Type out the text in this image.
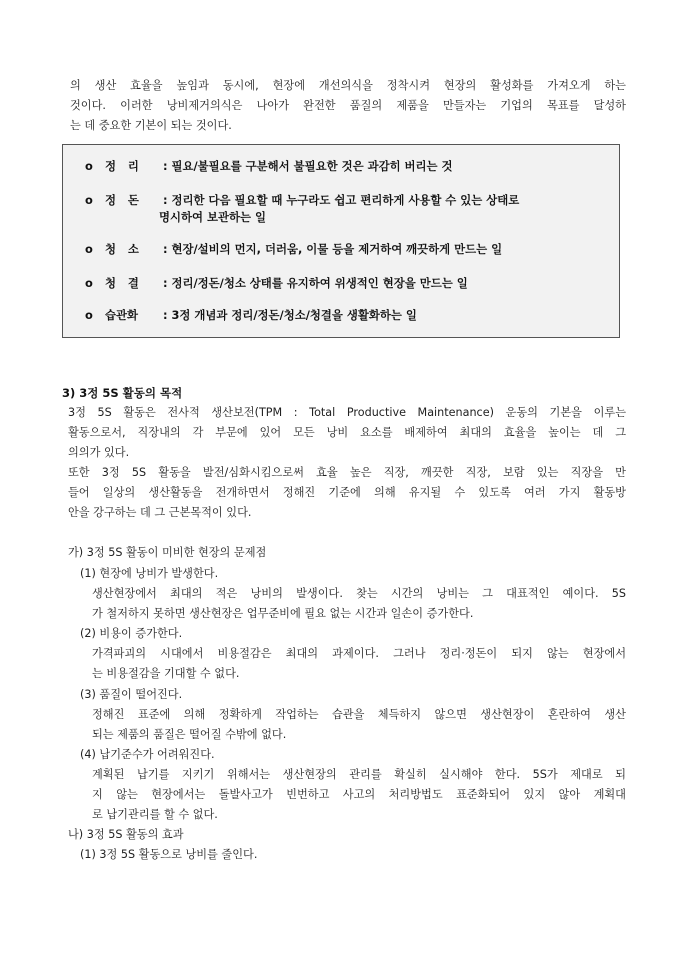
의 생산 효율을 높임과 동시에, 현장에 개선의식을 정착시켜 현장의 활성화를 가져오게 하는
것이다. 이러한 낭비제거의식은 나아가 완전한 품질의 제품을 만들자는 기업의 목표를 달성하
는 데 중요한 기본이 되는 것이다.
o 정   리 : 필요/불필요를 구분해서 불필요한 것은 과감히 버리는 것
o 정   돈 : 정리한 다음 필요할 때 누구라도 쉽고 편리하게 사용할 수 있는 상태로
명시하여 보관하는 일
o 청   소 : 현장/설비의 먼지, 더러움, 이물 등을 제거하여 깨끗하게 만드는 일
o 청   결 : 정리/정돈/청소 상태를 유지하여 위생적인 현장을 만드는 일
o 습관화 : 3정 개념과 정리/정돈/청소/청결을 생활화하는 일
3) 3정 5S 활동의 목적
3정 5S 활동은 전사적 생산보전(TPM : Total Productive Maintenance) 운동의 기본을 이루는
활동으로서, 직장내의 각 부문에 있어 모든 낭비 요소를 배제하여 최대의 효율을 높이는 데 그
의의가 있다.
또한 3정 5S 활동을 발전/심화시킴으로써 효율 높은 직장, 깨끗한 직장, 보람 있는 직장을 만
들어 일상의 생산활동을 전개하면서 정해진 기준에 의해 유지될 수 있도록 여러 가지 활동방
안을 강구하는 데 그 근본목적이 있다.
가) 3정 5S 활동이 미비한 현장의 문제점
(1) 현장에 낭비가 발생한다.
생산현장에서 최대의 적은 낭비의 발생이다. 찾는 시간의 낭비는 그 대표적인 예이다. 5S
가 철저하지 못하면 생산현장은 업무준비에 필요 없는 시간과 일손이 증가한다.
(2) 비용이 증가한다.
가격파괴의 시대에서 비용절감은 최대의 과제이다. 그러나 정리·정돈이 되지 않는 현장에서
는 비용절감을 기대할 수 없다.
(3) 품질이 떨어진다.
정해진 표준에 의해 정확하게 작업하는 습관을 체득하지 않으면 생산현장이 혼란하여 생산
되는 제품의 품질은 떨어질 수밖에 없다.
(4) 납기준수가 어려워진다.
계획된 납기를 지키기 위해서는 생산현장의 관리를 확실히 실시해야 한다. 5S가 제대로 되
지 않는 현장에서는 돌발사고가 빈번하고 사고의 처리방법도 표준화되어 있지 않아 계획대
로 납기관리를 할 수 없다.
나) 3정 5S 활동의 효과
(1) 3정 5S 활동으로 낭비를 줄인다.
